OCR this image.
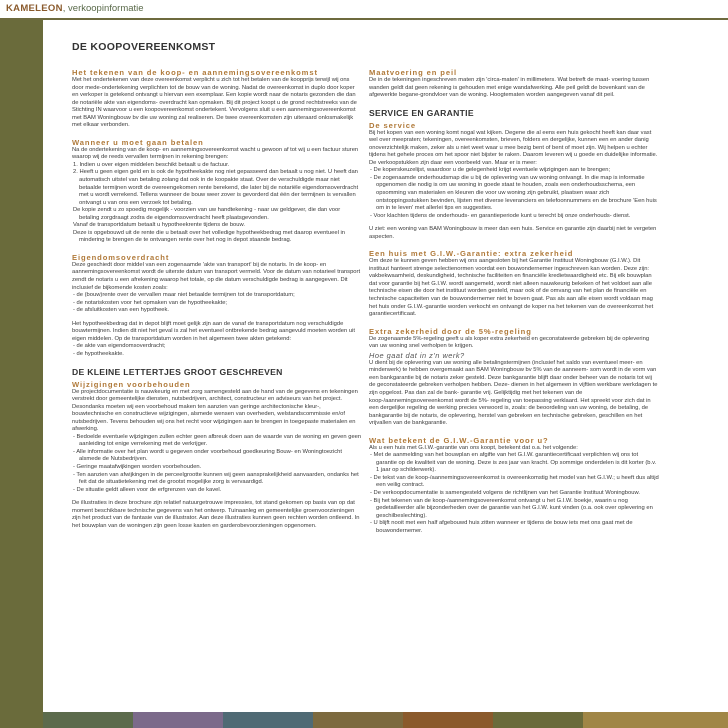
KAMELEON, verkoopinformatie
DE KOOPOVEREENKOMST

Het tekenen van de koop- en aannemingsovereenkomst

Met het ondertekenen van deze overeenkomst verplicht u zich tot het betalen van de koopprijs terwijl wij ons door mede-ondertekening verplichten tot de bouw van de woning. Nadat de overeenkomst in duplo door koper en verkoper is getekend ontvangt u hiervan een exemplaar. Een kopie wordt naar de notaris gezonden die dan de notariële akte van eigendoms- overdracht kan opmaken. Bij dit project koopt u de grond rechtstreeks van de Stichting IN waarvoor u een koopovereenkomst ondertekent. Vervolgens sluit u een aannemingsovereenkomst met BAM Woningbouw bv die uw woning zal realiseren. De twee overeenkomsten zijn uiteraard onlosmakelijk met elkaar verbonden.

Wanneer u moet gaan betalen

Na de ondertekening van de koop- en aannemingsovereenkomst wacht u gewoon af tot wij u een factuur sturen waarop wij de reeds vervallen termijnen in rekening brengen:

1. Indien u over eigen middelen beschikt betaalt u de factuur.

2. Heeft u geen eigen geld en is ook de hypotheekakte nog niet gepasseerd dan betaalt u nog niet. U heeft dan automatisch uitstel van betaling zolang dat ook in de koopakte staat. Over de verschuldigde maar niet betaalde termijnen wordt de overeengekomen rente berekend, die later bij de notariële eigendomsoverdracht met u wordt verrekend. Tellens wanneer de bouw weer zover is gevorderd dat één der termijnen is vervallen ontvangt u van ons een verzoek tot betaling.

De kopie zendt u zo spoedig mogelijk - voorzien van uw handtekening - naar uw geldgever, die dan voor betaling zorgdraagt zodra de eigendomsoverdracht heeft plaatsgevonden.

Vanaf de transportdatum betaalt u hypotheekrente tijdens de bouw.

Deze is opgebouwd uit de rente die u betaalt over het volledige hypotheekbedrag met daarop eventueel in mindering te brengen de te ontvangen rente over het nog in depot staande bedrag.

Eigendomsoverdracht

Deze geschiedt door middel van een zogenaamde 'akte van transport' bij de notaris. In de koop- en aannemingsovereenkomst wordt de uiterste datum van transport vermeld. Voor de datum van notarieel transport zendt de notaris u een afrekening waarop het totale, op die datum verschuldigde bedrag is aangegeven. Dit inclusief de bijkomende kosten zoals:

- de (bouw)rente over de vervallen maar niet betaalde termijnen tot de transportdatum;

- de notariskosten voor het opmaken van de hypotheekakte;

- de afsluitkosten van een hypotheek.

Het hypotheekbedrag dat in depot blijft moet gelijk zijn aan de vanaf de transportdatum nog verschuldigde bouwtermijnen. Indien dit niet het geval is zal het eventueel ontbrekende bedrag aangevuld moeten worden uit eigen middelen. Op de transportdatum worden in het algemeen twee akten getekend:

- de akte van eigendomsoverdracht;

- de hypotheekakte.

DE KLEINE LETTERTJES GROOT GESCHREVEN

Wijzigingen voorbehouden

De projectdocumentatie is nauwkeurig en met zorg samengesteld aan de hand van de gegevens en tekeningen verstrekt door gemeentelijke diensten, nutsbedrijven, architect, constructeur en adviseurs van het project. Desondanks moeten wij een voorbehoud maken ten aanzien van geringe architectonische kleur-, bouwtechnische en constructieve wijzigingen, alsmede wensen van overheden, welstandscommissie en/of nutsbedrijven. Tevens behouden wij ons het recht voor wijzigingen aan te brengen in toegepaste materialen en afwerking.

- Bedoelde eventuele wijzigingen zullen echter geen afbreuk doen aan de waarde van de woning en geven geen aanleiding tot enige verrekening met de verkrijger.

- Alle informatie over het plan wordt u gegeven onder voorbehoud goedkeuring Bouw- en Woningtoezicht alsmede de Nutsbedrijven.

- Geringe maatafwijkingen worden voorbehouden.

- Ten aanzien van afwijkingen in de perceelgrootte kunnen wij geen aansprakelijkheid aanvaarden, ondanks het feit dat de situatietekening met de grootst mogelijke zorg is vervaardigd.

- De situatie geldt alleen voor de erfgrenzen van de kavel.

De illustraties in deze brochure zijn relatief natuurgetrouwe impressies, tot stand gekomen op basis van op dat moment beschikbare technische gegevens van het ontwerp. Tuinaanleg en gemeentelijke groenvoorzieningen zijn het product van de fantasie van de illustrator. Aan deze illustraties kunnen geen rechten worden ontleend. In het bouwplan van de woningen zijn geen losse kasten en garderobevoorzieningen opgenomen.

Maatvoering en peil

De in de tekeningen ingeschreven maten zijn 'circa-maten' in millimeters. Wat betreft de maat- voering tussen wanden geldt dat geen rekening is gehouden met enige wandafwerking. Alle peil geldt de bovenkant van de afgewerkte begane-grondvloer van de woning. Hoogtematen worden aangegeven vanaf dit peil.

SERVICE EN GARANTIE

De service

Bij het kopen van een woning komt nogal wat kijken. Degene die al eens een huis gekocht heeft kan daar vast wel over meepraten; tekeningen, overeenkomsten, brieven, folders en dergelijke, kunnen een en ander danig onoverzichtelijk maken, zeker als u niet weet waar u mee bezig bent of bent of moet zijn. Wij helpen u echter tijdens het gehele proces om het spoor niet bijster te raken. Daarom leveren wij u goede en duidelijke informatie. De verkoopstukken zijn daar een voorbeeld van. Maar er is meer:

- De koperskeuzelijst, waardoor u de gelegenheid krijgt eventuele wijzigingen aan te brengen;

- De zogenaamde onderhoudsmap die u bij de oplevering van uw woning ontvangt. In die map is informatie opgenomen die nodig is om uw woning in goede staat te houden, zoals een onderhoudsschema, een opsomming van materialen en kleuren die voor uw woning zijn gebruikt, plaatsen waar zich ontstoppingsstukken bevinden, lijsten met diverse leveranciers en telefoonnummers en de brochure 'Een huis om in te leven' met allerlei tips en suggesties.

- Voor klachten tijdens de onderhouds- en garantieperiode kunt u terecht bij onze onderhouds- dienst.

U ziet: een woning van BAM Woningbouw is meer dan een huis. Service en garantie zijn daarbij niet te vergeten aspecten.

Een huis met G.I.W.-Garantie: extra zekerheid

Om deze te kunnen geven hebben wij ons aangesloten bij het Garantie Instituut Woningbouw (G.I.W.). Dit instituut hanteert strenge selectienormen voordat een bouwondernemer ingeschreven kan worden. Deze zijn: vakbekwaamheid, deskundigheid, technische faciliteiten en financiële kredietwaardigheid etc. Bij elk bouwplan dat voor garantie bij het G.I.W. wordt aangemeld, wordt niet alleen nauwkeurig bekeken of het voldoet aan alle technische eisen die door het instituut worden gesteld, maar ook of de omvang van het plan de financiële en technische capaciteiten van de bouwondernemer niet te boven gaat. Pas als aan alle eisen wordt voldaan mag het huis onder G.I.W.-garantie worden verkocht en ontvangt de koper na het tekenen van de overeenkomst het garantiecertificaat.

Extra zekerheid door de 5%-regeling

De zogenaamde 5%-regeling geeft u als koper extra zekerheid en geconstateerde gebreken bij de oplevering van uw woning snel verholpen te krijgen.

Hoe gaat dat in z'n werk?

U dient bij de oplevering van uw woning alle betalingstermijnen (inclusief het saldo van eventueel meer- en minderwerk) te hebben overgemaakt aan BAM Woningbouw bv 5% van de aanneem- som wordt in de vorm van een bankgarantie bij de notaris zeker gesteld. Deze bankgarantie blijft daar onder beheer van de notaris tot wij de geconstateerde gebreken verholpen hebben. Deze- dienen in het algemeen in vijftien werkbare werkdagen te zijn opgelost. Pas dan zal de bank- garantie vrij. Gelijktijdig met het tekenen van de koop-/aannemingsovereenkomst wordt de 5%- regeling van toepassing verklaard. Het spreekt voor zich dat in een dergelijke regeling de werking precies verwoord is, zoals: de beoordeling van uw woning, de betaling, de bankgarantie bij de notaris, de oplevering, herstel van gebreken en technische gebreken, geschillen en het vrijvallen van de bankgarantie.

Wat betekent de G.I.W.-Garantie voor u?

Als u een huis met G.I.W.-garantie van ons koopt, betekent dat o.a. het volgende:

- Met de aanmelding van het bouwplan en afgifte van het G.I.W. garantiecertificaat verplichten wij ons tot garantie op de kwaliteit van de woning. Deze is zes jaar van kracht. Op sommige onderdelen is dit korter (b.v. 1 jaar op schilderwerk).

- De tekst van de koop-/aannemingsovereenkomst is overeenkomstig het model van het G.I.W.; u heeft dus altijd een veilig contract.

- De verkoopdocumentatie is samengesteld volgens de richtlijnen van het Garantie Instituut Woningbouw.

- Bij het tekenen van de koop-/aannemingsovereenkomst ontvangt u het G.I.W. boekje, waarin u nog gedetailleerder alle bijzonderheden over de garantie van het G.I.W. kunt vinden (o.a. ook over oplevering en geschilbeslechting).

- U blijft nooit met een half afgebouwd huis zitten wanneer er tijdens de bouw iets met ons gaat met de bouwondernemer.
